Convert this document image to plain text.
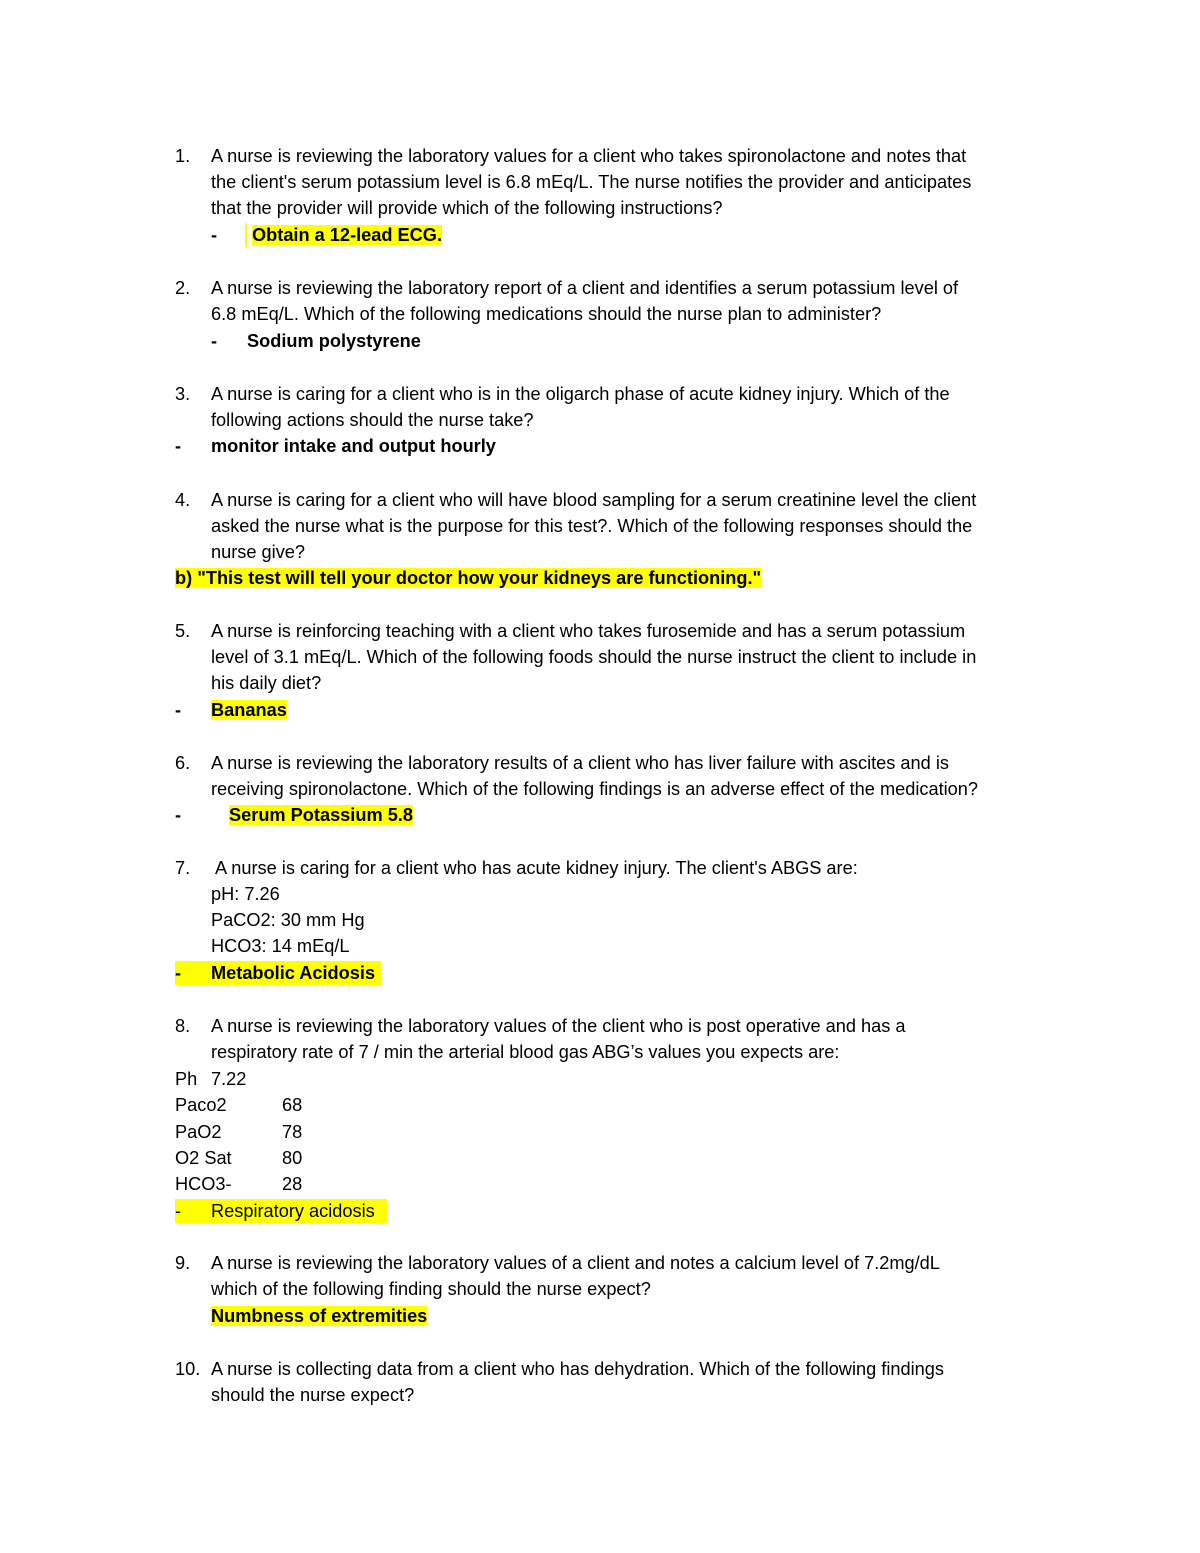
1. A nurse is reviewing the laboratory values for a client who takes spironolactone and notes that
the client's serum potassium level is 6.8 mEq/L. The nurse notifies the provider and anticipates
that the provider will provide which of the following instructions?
-	Obtain a 12-lead ECG.
2. A nurse is reviewing the laboratory report of a client and identifies a serum potassium level of
6.8 mEq/L. Which of the following medications should the nurse plan to administer?
- Sodium polystyrene
3. A nurse is caring for a client who is in the oligarch phase of acute kidney injury. Which of the
following actions should the nurse take?
- monitor intake and output hourly
4. A nurse is caring for a client who will have blood sampling for a serum creatinine level the client
asked the nurse what is the purpose for this test?. Which of the following responses should the
nurse give?
b) "This test will tell your doctor how your kidneys are functioning."
5. A nurse is reinforcing teaching with a client who takes furosemide and has a serum potassium
level of 3.1 mEq/L. Which of the following foods should the nurse instruct the client to include in
his daily diet?
- Bananas
6. A nurse is reviewing the laboratory results of a client who has liver failure with ascites and is
receiving spironolactone. Which of the following findings is an adverse effect of the medication?
-	Serum Potassium 5.8
7. A nurse is caring for a client who has acute kidney injury. The client's ABGS are:
pH: 7.26
PaCO2: 30 mm Hg
HCO3: 14 mEq/L
- Metabolic Acidosis
8. A nurse is reviewing the laboratory values of the client who is post operative and has a
respiratory rate of 7 / min the arterial blood gas ABG’s values you expects are:
Ph 7.22
Paco2	68
PaO2	78
O2 Sat	80
HCO3-	28
- Respiratory acidosis
9. A nurse is reviewing the laboratory values of a client and notes a calcium level of 7.2mg/dL
which of the following finding should the nurse expect?
Numbness of extremities
10. A nurse is collecting data from a client who has dehydration. Which of the following findings
should the nurse expect?
